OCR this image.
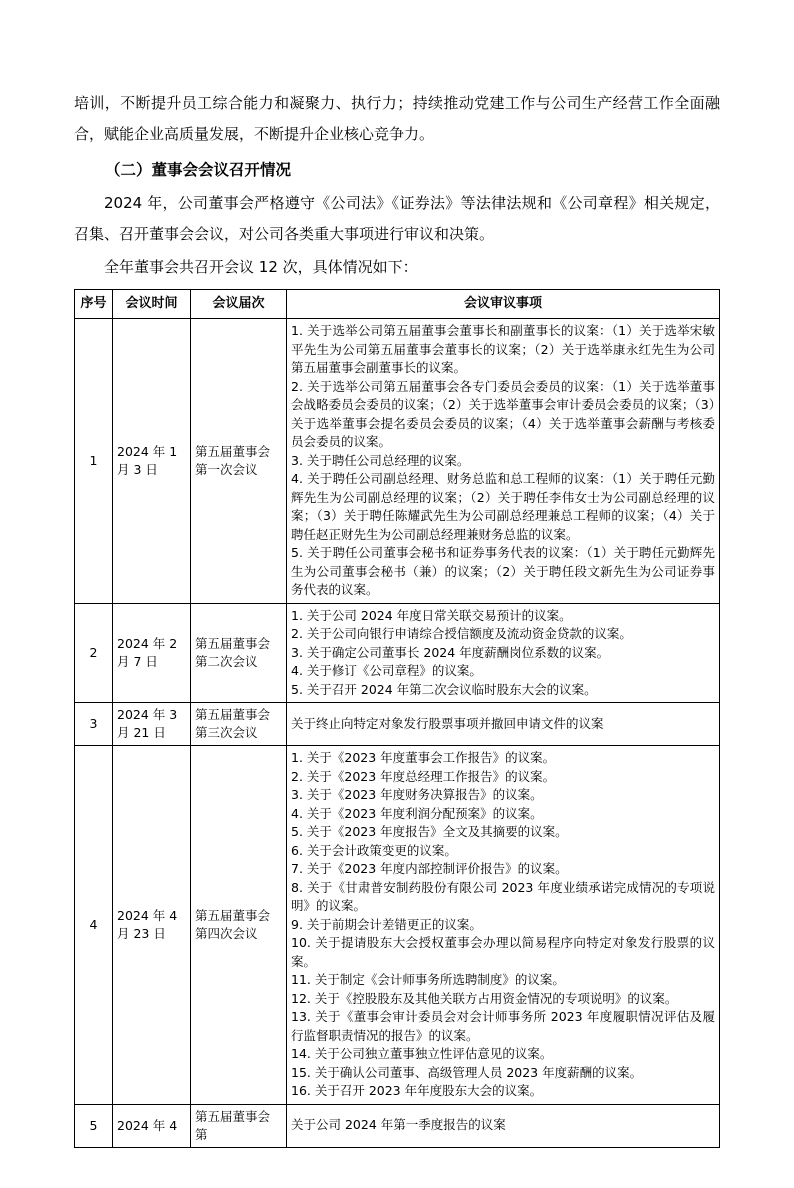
培训，不断提升员工综合能力和凝聚力、执行力；持续推动党建工作与公司生产经营工作全面融合，赋能企业高质量发展，不断提升企业核心竞争力。

（二）董事会会议召开情况

2024 年，公司董事会严格遵守《公司法》《证券法》等法律法规和《公司章程》相关规定，召集、召开董事会会议，对公司各类重大事项进行审议和决策。

全年董事会共召开会议 12 次，具体情况如下：

序号	会议时间	会议届次	会议审议事项
1	2024 年 1 月 3 日	第五届董事会第一次会议	1. 关于选举公司第五届董事会董事长和副董事长的议案：（1）关于选举宋敏平先生为公司第五届董事会董事长的议案；（2）关于选举康永红先生为公司第五届董事会副董事长的议案。
2. 关于选举公司第五届董事会各专门委员会委员的议案：（1）关于选举董事会战略委员会委员的议案；（2）关于选举董事会审计委员会委员的议案；（3）关于选举董事会提名委员会委员的议案；（4）关于选举董事会薪酬与考核委员会委员的议案。
3. 关于聘任公司总经理的议案。
4. 关于聘任公司副总经理、财务总监和总工程师的议案：（1）关于聘任元勤辉先生为公司副总经理的议案；（2）关于聘任李伟女士为公司副总经理的议案；（3）关于聘任陈耀武先生为公司副总经理兼总工程师的议案；（4）关于聘任赵正财先生为公司副总经理兼财务总监的议案。
5. 关于聘任公司董事会秘书和证券事务代表的议案：（1）关于聘任元勤辉先生为公司董事会秘书（兼）的议案；（2）关于聘任段文新先生为公司证券事务代表的议案。

2	2024 年 2 月 7 日	第五届董事会第二次会议	1. 关于公司 2024 年度日常关联交易预计的议案。
2. 关于公司向银行申请综合授信额度及流动资金贷款的议案。
3. 关于确定公司董事长 2024 年度薪酬岗位系数的议案。
4. 关于修订《公司章程》的议案。
5. 关于召开 2024 年第二次会议临时股东大会的议案。

3	2024 年 3 月 21 日	第五届董事会第三次会议	关于终止向特定对象发行股票事项并撤回申请文件的议案

4	2024 年 4 月 23 日	第五届董事会第四次会议	
1. 关于《2023 年度董事会工作报告》的议案。
2. 关于《2023 年度总经理工作报告》的议案。
3. 关于《2023 年度财务决算报告》的议案。
4. 关于《2023 年度利润分配预案》的议案。
5. 关于《2023 年度报告》全文及其摘要的议案。
6. 关于会计政策变更的议案。
7. 关于《2023 年度内部控制评价报告》的议案。
8. 关于《甘肃普安制药股份有限公司 2023 年度业绩承诺完成情况的专项说明》的议案。
9. 关于前期会计差错更正的议案。
10. 关于提请股东大会授权董事会办理以简易程序向特定对象发行股票的议案。
11. 关于制定《会计师事务所选聘制度》的议案。
12. 关于《控股股东及其他关联方占用资金情况的专项说明》的议案。
13. 关于《董事会审计委员会对会计师事务所 2023 年度履职情况评估及履行监督职责情况的报告》的议案。
14. 关于公司独立董事独立性评估意见的议案。
15. 关于确认公司董事、高级管理人员 2023 年度薪酬的议案。
16. 关于召开 2023 年年度股东大会的议案。

5	2024 年 4	第五届董事会第	关于公司 2024 年第一季度报告的议案
